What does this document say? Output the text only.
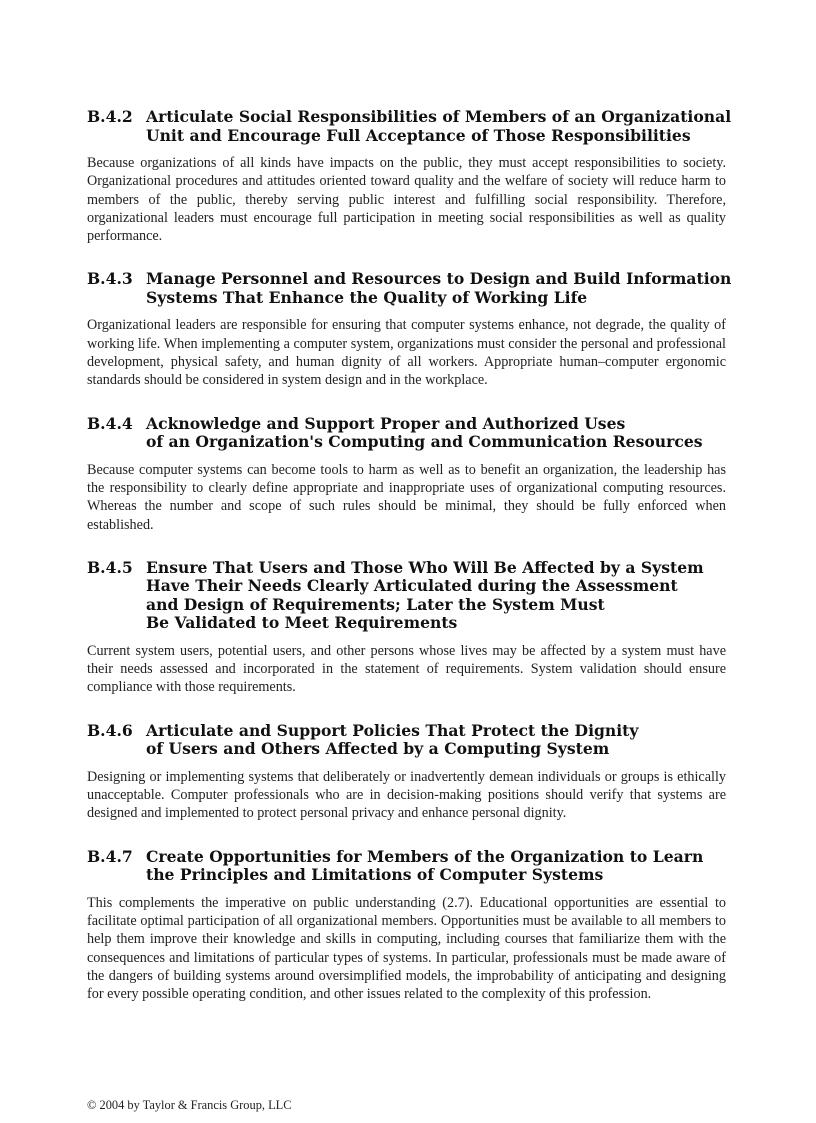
B.4.2 Articulate Social Responsibilities of Members of an Organizational
Unit and Encourage Full Acceptance of Those Responsibilities

Because organizations of all kinds have impacts on the public, they must accept responsibilities to society. Organizational procedures and attitudes oriented toward quality and the welfare of society will reduce harm to members of the public, thereby serving public interest and fulfilling social responsibility. Therefore, organizational leaders must encourage full participation in meeting social responsibilities as well as quality performance.

B.4.3 Manage Personnel and Resources to Design and Build Information
Systems That Enhance the Quality of Working Life

Organizational leaders are responsible for ensuring that computer systems enhance, not degrade, the quality of working life. When implementing a computer system, organizations must consider the personal and professional development, physical safety, and human dignity of all workers. Appropriate human–computer ergonomic standards should be considered in system design and in the workplace.

B.4.4 Acknowledge and Support Proper and Authorized Uses
of an Organization's Computing and Communication Resources

Because computer systems can become tools to harm as well as to benefit an organization, the leadership has the responsibility to clearly define appropriate and inappropriate uses of organizational computing resources. Whereas the number and scope of such rules should be minimal, they should be fully enforced when established.

B.4.5 Ensure That Users and Those Who Will Be Affected by a System
Have Their Needs Clearly Articulated during the Assessment
and Design of Requirements; Later the System Must
Be Validated to Meet Requirements

Current system users, potential users, and other persons whose lives may be affected by a system must have their needs assessed and incorporated in the statement of requirements. System validation should ensure compliance with those requirements.

B.4.6 Articulate and Support Policies That Protect the Dignity
of Users and Others Affected by a Computing System

Designing or implementing systems that deliberately or inadvertently demean individuals or groups is ethically unacceptable. Computer professionals who are in decision-making positions should verify that systems are designed and implemented to protect personal privacy and enhance personal dignity.

B.4.7 Create Opportunities for Members of the Organization to Learn
the Principles and Limitations of Computer Systems

This complements the imperative on public understanding (2.7). Educational opportunities are essential to facilitate optimal participation of all organizational members. Opportunities must be available to all members to help them improve their knowledge and skills in computing, including courses that familiarize them with the consequences and limitations of particular types of systems. In particular, professionals must be made aware of the dangers of building systems around oversimplified models, the improbability of anticipating and designing for every possible operating condition, and other issues related to the complexity of this profession.

© 2004 by Taylor & Francis Group, LLC
